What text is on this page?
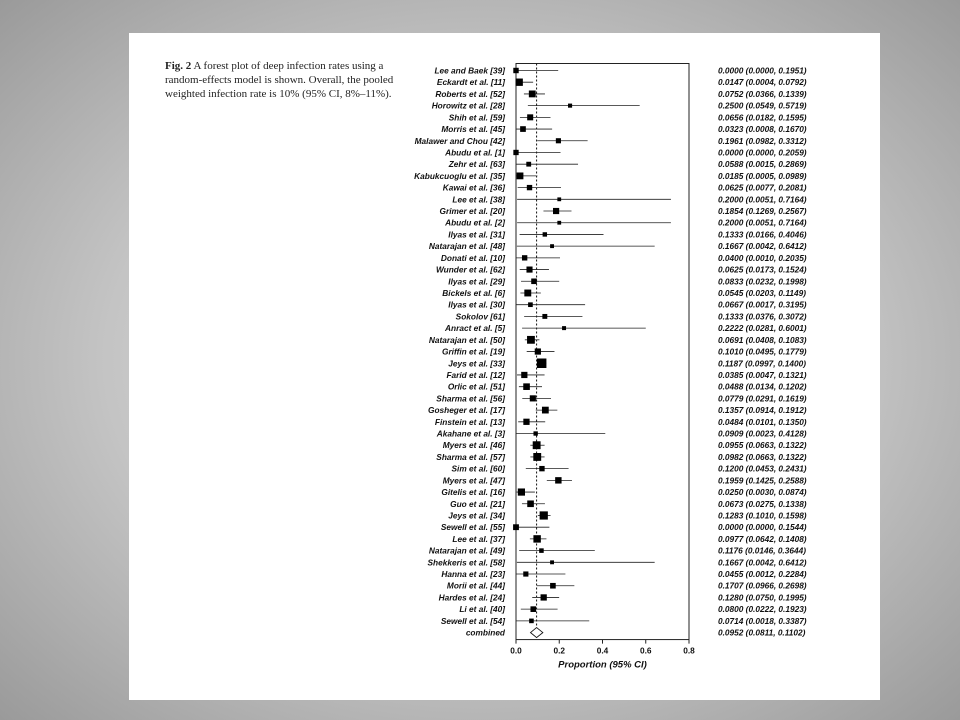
Fig. 2 A forest plot of deep infection rates using a random-effects model is shown. Overall, the pooled weighted infection rate is 10% (95% CI, 8%–11%).
Lee and Baek [39]	0.0000 (0.0000, 0.1951)
Eckardt et al. [11]	0.0147 (0.0004, 0.0792)
Roberts et al. [52]	0.0752 (0.0366, 0.1339)
Horowitz et al. [28]	0.2500 (0.0549, 0.5719)
Shih et al. [59]	0.0656 (0.0182, 0.1595)
Morris et al. [45]	0.0323 (0.0008, 0.1670)
Malawer and Chou [42]	0.1961 (0.0982, 0.3312)
Abudu et al. [1]	0.0000 (0.0000, 0.2059)
Zehr et al. [63]	0.0588 (0.0015, 0.2869)
Kabukcuoglu et al. [35]	0.0185 (0.0005, 0.0989)
Kawai et al. [36]	0.0625 (0.0077, 0.2081)
Lee et al. [38]	0.2000 (0.0051, 0.7164)
Grimer et al. [20]	0.1854 (0.1269, 0.2567)
Abudu et al. [2]	0.2000 (0.0051, 0.7164)
Ilyas et al. [31]	0.1333 (0.0166, 0.4046)
Natarajan et al. [48]	0.1667 (0.0042, 0.6412)
Donati et al. [10]	0.0400 (0.0010, 0.2035)
Wunder et al. [62]	0.0625 (0.0173, 0.1524)
Ilyas et al. [29]	0.0833 (0.0232, 0.1998)
Bickels et al. [6]	0.0545 (0.0203, 0.1149)
Ilyas et al. [30]	0.0667 (0.0017, 0.3195)
Sokolov [61]	0.1333 (0.0376, 0.3072)
Anract et al. [5]	0.2222 (0.0281, 0.6001)
Natarajan et al. [50]	0.0691 (0.0408, 0.1083)
Griffin et al. [19]	0.1010 (0.0495, 0.1779)
Jeys et al. [33]	0.1187 (0.0997, 0.1400)
Farid et al. [12]	0.0385 (0.0047, 0.1321)
Orlic et al. [51]	0.0488 (0.0134, 0.1202)
Sharma et al. [56]	0.0779 (0.0291, 0.1619)
Gosheger et al. [17]	0.1357 (0.0914, 0.1912)
Finstein et al. [13]	0.0484 (0.0101, 0.1350)
Akahane et al. [3]	0.0909 (0.0023, 0.4128)
Myers et al. [46]	0.0955 (0.0663, 0.1322)
Sharma et al. [57]	0.0982 (0.0663, 0.1322)
Sim et al. [60]	0.1200 (0.0453, 0.2431)
Myers et al. [47]	0.1959 (0.1425, 0.2588)
Gitelis et al. [16]	0.0250 (0.0030, 0.0874)
Guo et al. [21]	0.0673 (0.0275, 0.1338)
Jeys et al. [34]	0.1283 (0.1010, 0.1598)
Sewell et al. [55]	0.0000 (0.0000, 0.1544)
Lee et al. [37]	0.0977 (0.0642, 0.1408)
Natarajan et al. [49]	0.1176 (0.0146, 0.3644)
Shekkeris et al. [58]	0.1667 (0.0042, 0.6412)
Hanna et al. [23]	0.0455 (0.0012, 0.2284)
Morii et al. [44]	0.1707 (0.0966, 0.2698)
Hardes et al. [24]	0.1280 (0.0750, 0.1995)
Li et al. [40]	0.0800 (0.0222, 0.1923)
Sewell et al. [54]	0.0714 (0.0018, 0.3387)
combined	0.0952 (0.0811, 0.1102)
0.0	0.2	0.4	0.6	0.8
Proportion (95% CI)
